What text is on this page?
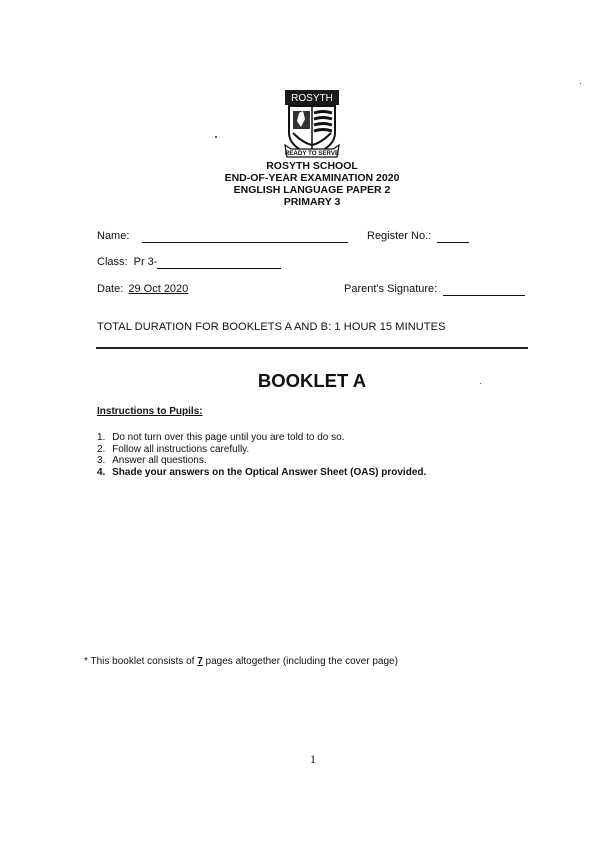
ROSYTH
READY TO SERVE
ROSYTH SCHOOL
END-OF-YEAR EXAMINATION 2020
ENGLISH LANGUAGE PAPER 2
PRIMARY 3
Name:	Register No.:
Class: Pr 3-
Date: 29 Oct 2020	Parent's Signature:
TOTAL DURATION FOR BOOKLETS A AND B: 1 HOUR 15 MINUTES
BOOKLET A
Instructions to Pupils:
1. Do not turn over this page until you are told to do so.
2. Follow all instructions carefully.
3. Answer all questions.
4. Shade your answers on the Optical Answer Sheet (OAS) provided.
* This booklet consists of 7 pages altogether (including the cover page)
1
